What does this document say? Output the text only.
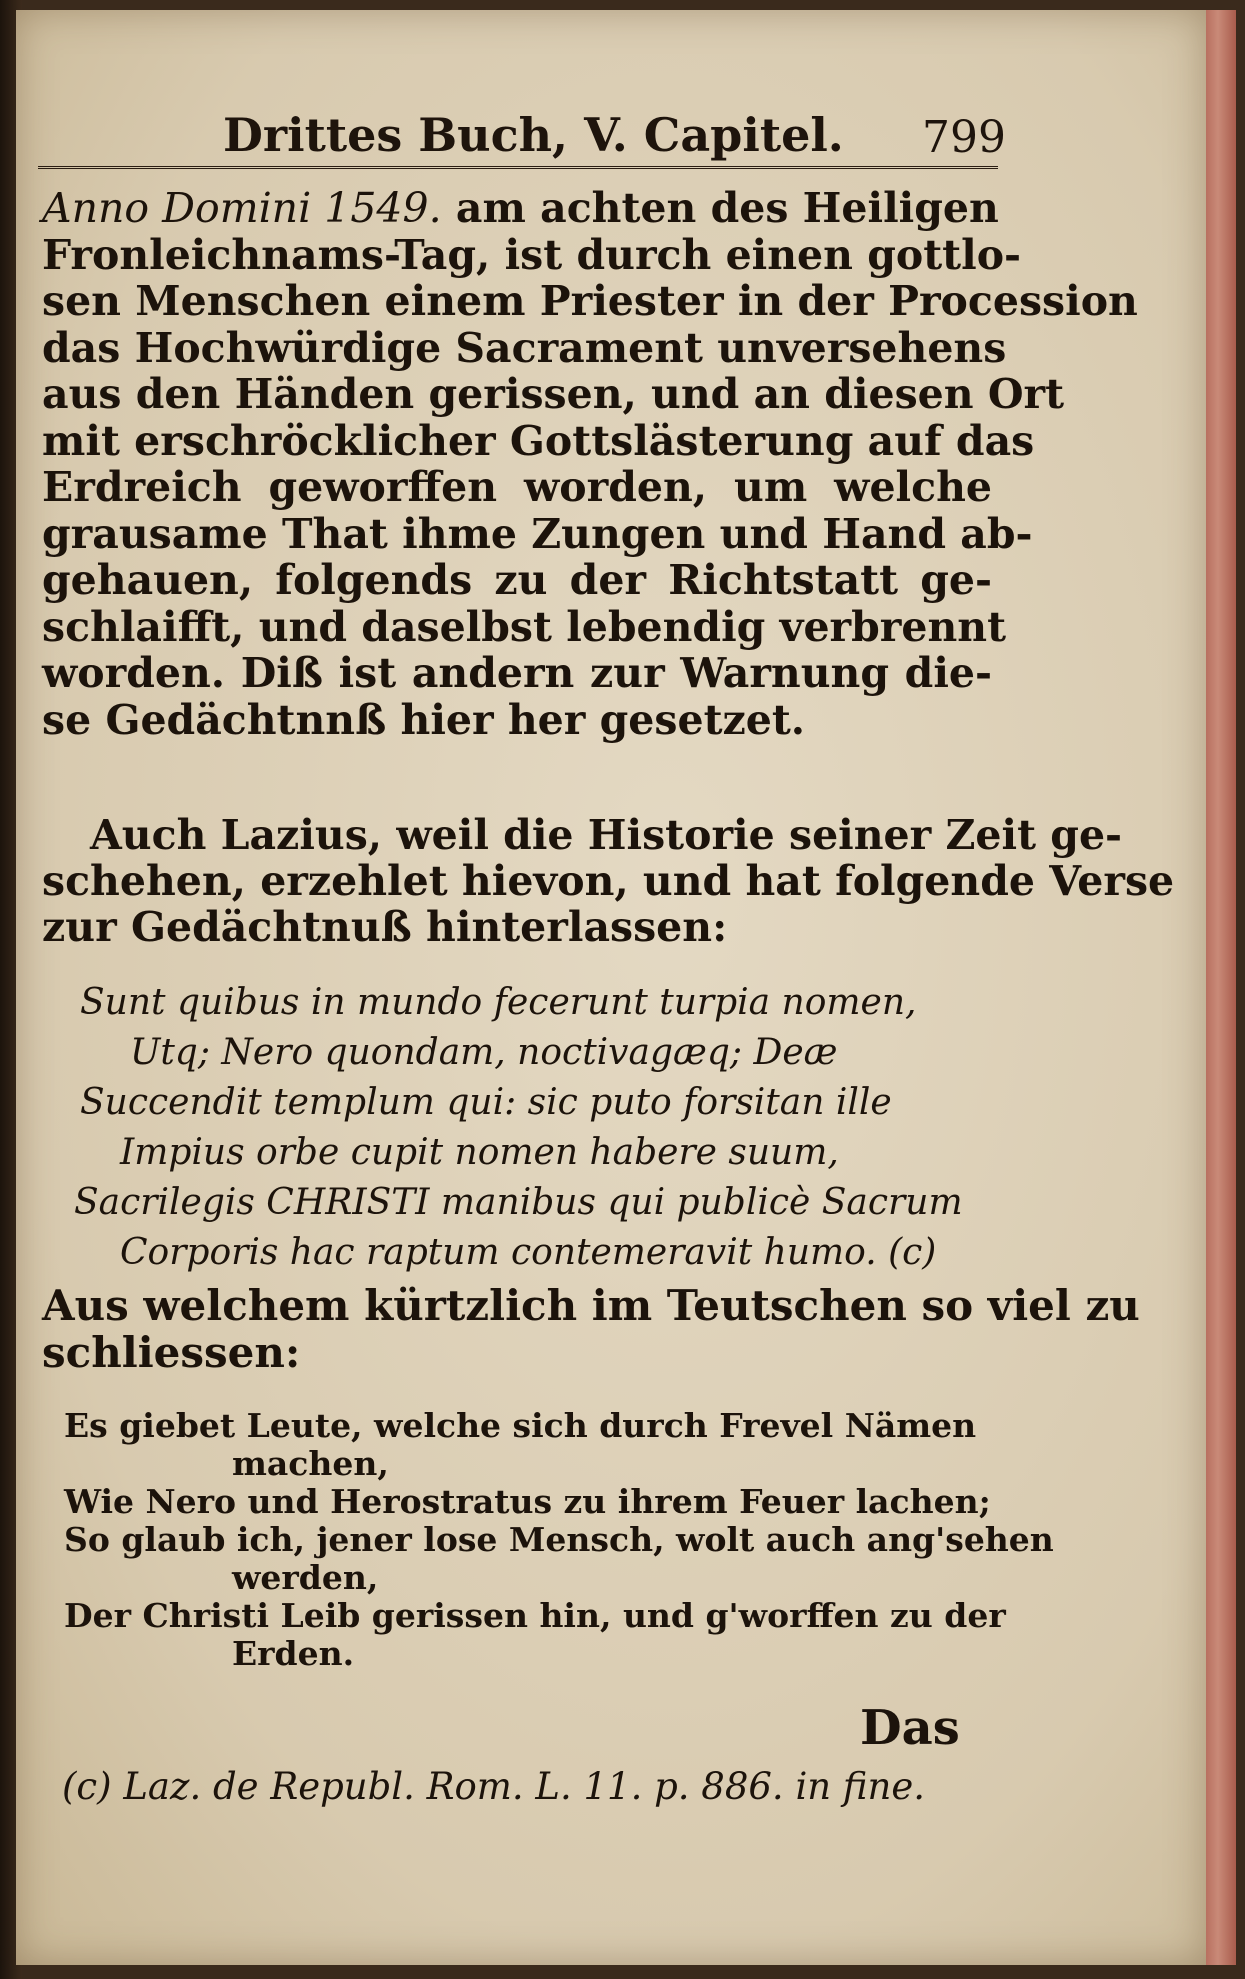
Drittes Buch, V. Capitel. 799
Anno Domini 1549. am achten des Heiligen
Fronleichnams-Tag, ist durch einen gottlo-
sen Menschen einem Priester in der Procession
das Hochwürdige Sacrament unversehens
aus den Händen gerissen, und an diesen Ort
mit erschröcklicher Gottslästerung auf das
Erdreich geworffen worden, um welche
grausame That ihme Zungen und Hand ab-
gehauen, folgends zu der Richtstatt ge-
schlaifft, und daselbst lebendig verbrennt
worden. Diß ist andern zur Warnung die-
se Gedächtnnß hier her gesetzet.
Auch Lazius, weil die Historie seiner Zeit ge-
schehen, erzehlet hievon, und hat folgende Verse
zur Gedächtnuß hinterlassen:
Sunt quibus in mundo fecerunt turpia nomen,
Utq; Nero quondam, noctivagæq; Deæ
Succendit templum qui: sic puto forsitan ille
Impius orbe cupit nomen habere suum,
Sacrilegis CHRISTI manibus qui publicè Sacrum
Corporis hac raptum contemeravit humo. (c)
Aus welchem kürtzlich im Teutschen so viel zu
schliessen:
Es giebet Leute, welche sich durch Frevel Nämen
machen,
Wie Nero und Herostratus zu ihrem Feuer lachen;
So glaub ich, jener lose Mensch, wolt auch ang'sehen
werden,
Der Christi Leib gerissen hin, und g'worffen zu der
Erden.
Das
(c) Laz. de Republ. Rom. L. 11. p. 886. in fine.
